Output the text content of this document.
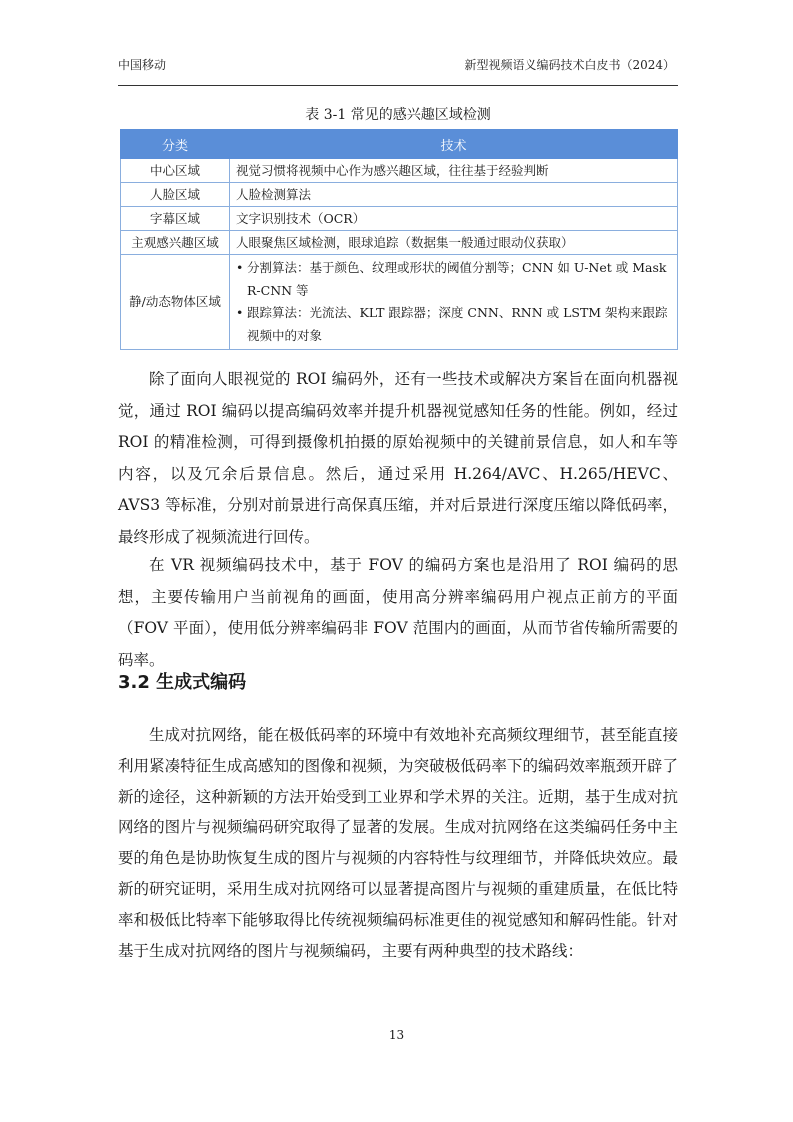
中国移动	新型视频语义编码技术白皮书（2024）
表 3-1 常见的感兴趣区域检测
分类	技术
中心区域	视觉习惯将视频中心作为感兴趣区域，往往基于经验判断
人脸区域	人脸检测算法
字幕区域	文字识别技术（OCR）
主观感兴趣区域	人眼聚焦区域检测，眼球追踪（数据集一般通过眼动仪获取）
静/动态物体区域	• 分割算法：基于颜色、纹理或形状的阈值分割等；CNN 如 U-Net 或 Mask R-CNN 等
• 跟踪算法：光流法、KLT 跟踪器；深度 CNN、RNN 或 LSTM 架构来跟踪视频中的对象

除了面向人眼视觉的 ROI 编码外，还有一些技术或解决方案旨在面向机器视觉，通过 ROI 编码以提高编码效率并提升机器视觉感知任务的性能。例如，经过 ROI 的精准检测，可得到摄像机拍摄的原始视频中的关键前景信息，如人和车等内容，以及冗余后景信息。然后，通过采用 H.264/AVC、H.265/HEVC、AVS3 等标准，分别对前景进行高保真压缩，并对后景进行深度压缩以降低码率，最终形成了视频流进行回传。

在 VR 视频编码技术中，基于 FOV 的编码方案也是沿用了 ROI 编码的思想，主要传输用户当前视角的画面，使用高分辨率编码用户视点正前方的平面（FOV 平面），使用低分辨率编码非 FOV 范围内的画面，从而节省传输所需要的码率。

3.2 生成式编码

生成对抗网络，能在极低码率的环境中有效地补充高频纹理细节，甚至能直接利用紧凑特征生成高感知的图像和视频，为突破极低码率下的编码效率瓶颈开辟了新的途径，这种新颖的方法开始受到工业界和学术界的关注。近期，基于生成对抗网络的图片与视频编码研究取得了显著的发展。生成对抗网络在这类编码任务中主要的角色是协助恢复生成的图片与视频的内容特性与纹理细节，并降低块效应。最新的研究证明，采用生成对抗网络可以显著提高图片与视频的重建质量，在低比特率和极低比特率下能够取得比传统视频编码标准更佳的视觉感知和解码性能。针对基于生成对抗网络的图片与视频编码，主要有两种典型的技术路线：

13
